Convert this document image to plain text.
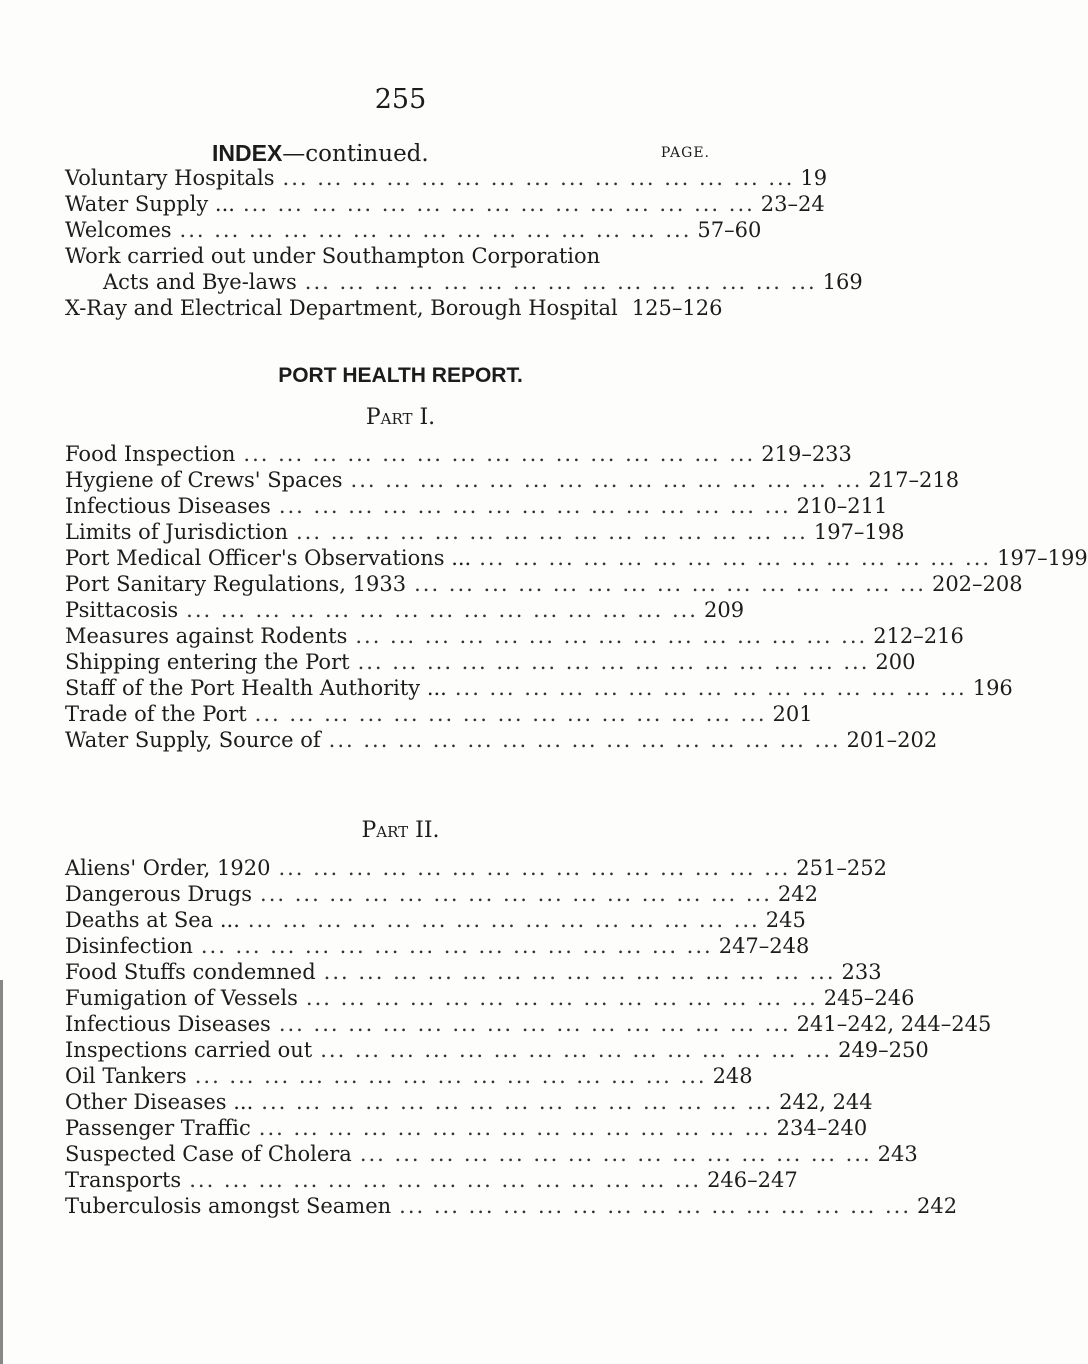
255
INDEX—continued.	PAGE.
Voluntary Hospitals ... ... ... ... ... ... ... ... ... ... ... ... ... ... ... 19
Water Supply ... ... ... ... ... ... ... ... ... ... ... ... ... ... ... ... 23–24
Welcomes ... ... ... ... ... ... ... ... ... ... ... ... ... ... ... 57–60
Work carried out under Southampton Corporation
Acts and Bye-laws ... ... ... ... ... ... ... ... ... ... ... ... ... ... ... 169
X-Ray and Electrical Department, Borough Hospital 125–126
PORT HEALTH REPORT.
Part I.
Food Inspection ... ... ... ... ... ... ... ... ... ... ... ... ... ... ... 219–233
Hygiene of Crews' Spaces ... ... ... ... ... ... ... ... ... ... ... ... ... ... ... 217–218
Infectious Diseases ... ... ... ... ... ... ... ... ... ... ... ... ... ... ... 210–211
Limits of Jurisdiction ... ... ... ... ... ... ... ... ... ... ... ... ... ... ... 197–198
Port Medical Officer's Observations ... ... ... ... ... ... ... ... ... ... ... ... ... ... ... ... 197–199
Port Sanitary Regulations, 1933 ... ... ... ... ... ... ... ... ... ... ... ... ... ... ... 202–208
Psittacosis ... ... ... ... ... ... ... ... ... ... ... ... ... ... ... 209
Measures against Rodents ... ... ... ... ... ... ... ... ... ... ... ... ... ... ... 212–216
Shipping entering the Port ... ... ... ... ... ... ... ... ... ... ... ... ... ... ... 200
Staff of the Port Health Authority ... ... ... ... ... ... ... ... ... ... ... ... ... ... ... ... 196
Trade of the Port ... ... ... ... ... ... ... ... ... ... ... ... ... ... ... 201
Water Supply, Source of ... ... ... ... ... ... ... ... ... ... ... ... ... ... ... 201–202
Part II.
Aliens' Order, 1920 ... ... ... ... ... ... ... ... ... ... ... ... ... ... ... 251–252
Dangerous Drugs ... ... ... ... ... ... ... ... ... ... ... ... ... ... ... 242
Deaths at Sea ... ... ... ... ... ... ... ... ... ... ... ... ... ... ... ... 245
Disinfection ... ... ... ... ... ... ... ... ... ... ... ... ... ... ... 247–248
Food Stuffs condemned ... ... ... ... ... ... ... ... ... ... ... ... ... ... ... 233
Fumigation of Vessels ... ... ... ... ... ... ... ... ... ... ... ... ... ... ... 245–246
Infectious Diseases ... ... ... ... ... ... ... ... ... ... ... ... ... ... ... 241–242, 244–245
Inspections carried out ... ... ... ... ... ... ... ... ... ... ... ... ... ... ... 249–250
Oil Tankers ... ... ... ... ... ... ... ... ... ... ... ... ... ... ... 248
Other Diseases ... ... ... ... ... ... ... ... ... ... ... ... ... ... ... ... 242, 244
Passenger Traffic ... ... ... ... ... ... ... ... ... ... ... ... ... ... ... 234–240
Suspected Case of Cholera ... ... ... ... ... ... ... ... ... ... ... ... ... ... ... 243
Transports ... ... ... ... ... ... ... ... ... ... ... ... ... ... ... 246–247
Tuberculosis amongst Seamen ... ... ... ... ... ... ... ... ... ... ... ... ... ... ... 242
